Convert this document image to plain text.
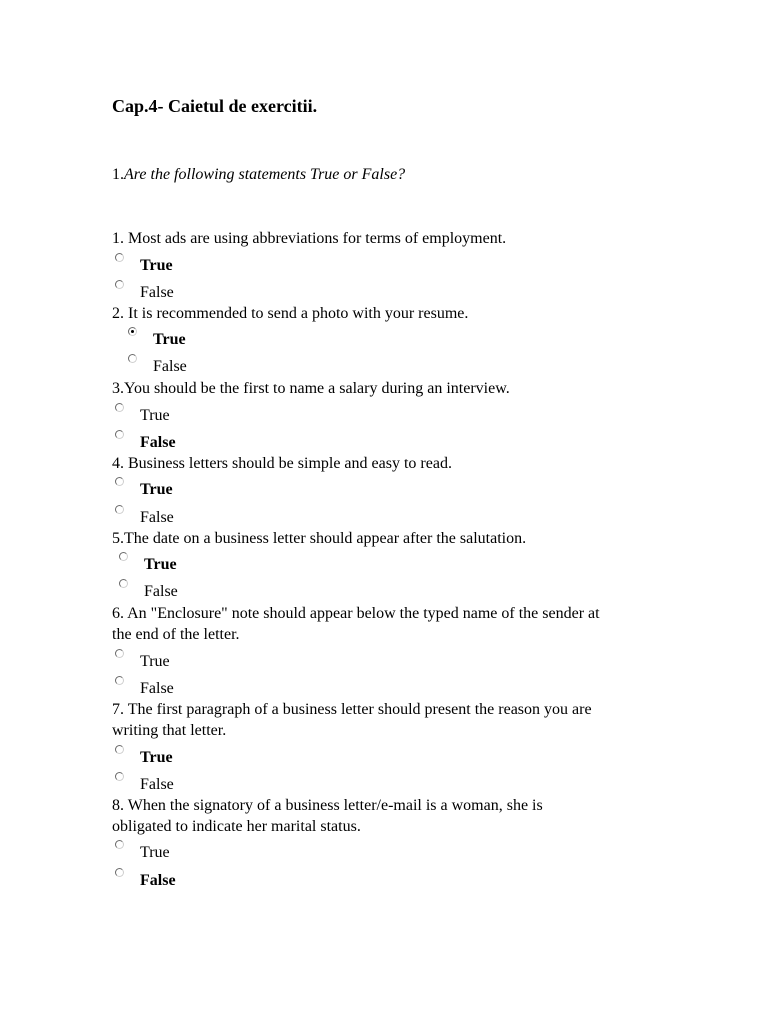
Cap.4- Caietul de exercitii.
1.Are the following statements True or False?
1. Most ads are using abbreviations for terms of employment.
True
False
2. It is recommended to send a photo with your resume.
True
False
3.You should be the first to name a salary during an interview.
True
False
4. Business letters should be simple and easy to read.
True
False
5.The date on a business letter should appear after the salutation.
True
False
6. An "Enclosure" note should appear below the typed name of the sender at
the end of the letter.
True
False
7. The first paragraph of a business letter should present the reason you are
writing that letter.
True
False
8. When the signatory of a business letter/e-mail is a woman, she is
obligated to indicate her marital status.
True
False
